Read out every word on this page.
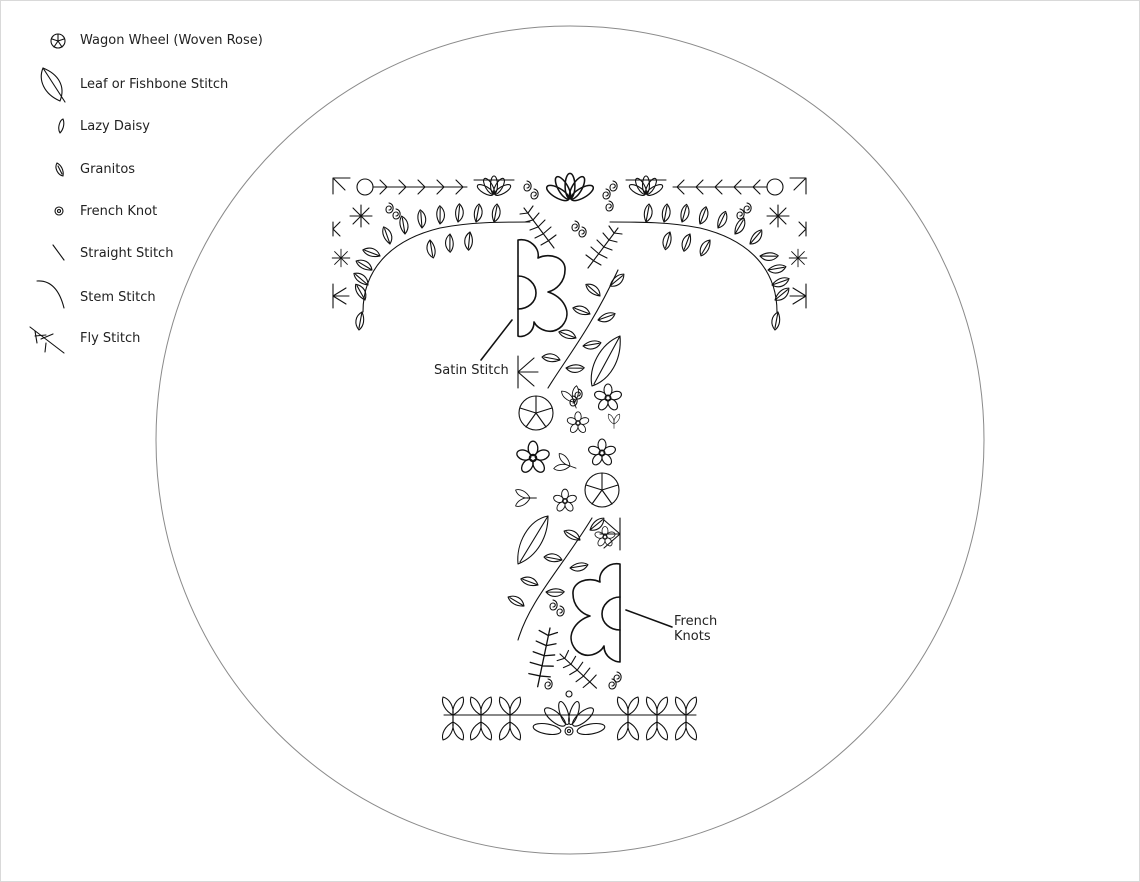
Wagon Wheel (Woven Rose)
Leaf or Fishbone Stitch
Lazy Daisy
Granitos
French Knot
Straight Stitch
Stem Stitch
Fly Stitch
Satin Stitch
French
Knots
